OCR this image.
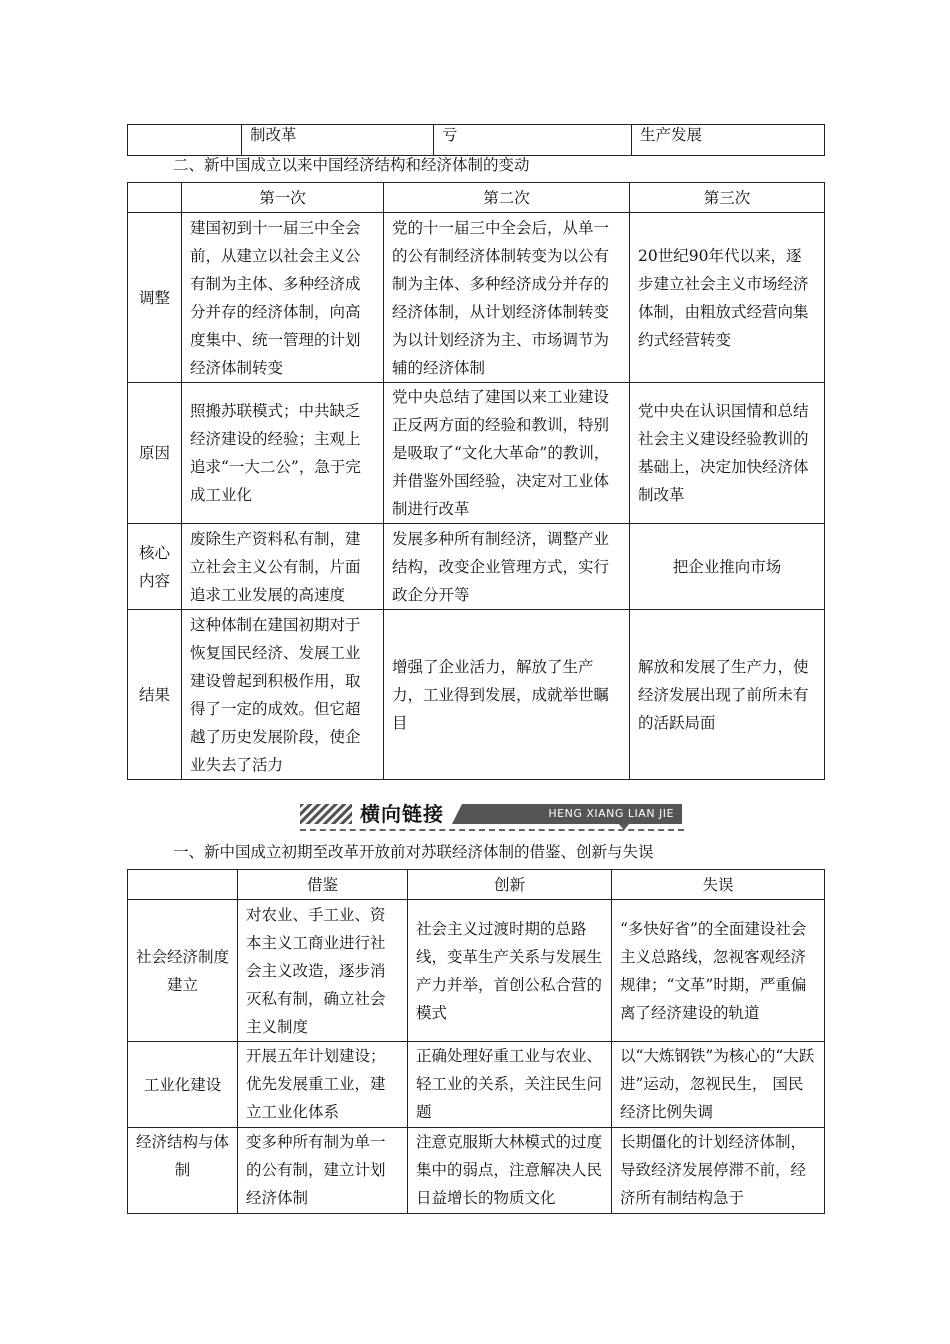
	制改革	亏	生产发展
二、新中国成立以来中国经济结构和经济体制的变动
	第一次	第二次	第三次
调整	建国初到十一届三中全会前，从建立以社会主义公有制为主体、多种经济成分并存的经济体制，向高度集中、统一管理的计划经济体制转变	党的十一届三中全会后，从单一的公有制经济体制转变为以公有制为主体、多种经济成分并存的经济体制，从计划经济体制转变为以计划经济为主、市场调节为辅的经济体制	20世纪90年代以来，逐步建立社会主义市场经济体制，由粗放式经营向集约式经营转变
原因	照搬苏联模式；中共缺乏经济建设的经验；主观上追求“一大二公”，急于完成工业化	党中央总结了建国以来工业建设正反两方面的经验和教训，特别是吸取了“文化大革命”的教训，并借鉴外国经验，决定对工业体制进行改革	党中央在认识国情和总结社会主义建设经验教训的基础上，决定加快经济体制改革
核心内容	废除生产资料私有制，建立社会主义公有制，片面追求工业发展的高速度	发展多种所有制经济，调整产业结构，改变企业管理方式，实行政企分开等	把企业推向市场
结果	这种体制在建国初期对于恢复国民经济、发展工业建设曾起到积极作用，取得了一定的成效。但它超越了历史发展阶段，使企业失去了活力	增强了企业活力，解放了生产力，工业得到发展，成就举世瞩目	解放和发展了生产力，使经济发展出现了前所未有的活跃局面
横向链接	HENG XIANG LIAN JIE
一、新中国成立初期至改革开放前对苏联经济体制的借鉴、创新与失误
	借鉴	创新	失误
社会经济制度建立	对农业、手工业、资本主义工商业进行社会主义改造，逐步消灭私有制，确立社会主义制度	社会主义过渡时期的总路线，变革生产关系与发展生产力并举，首创公私合营的模式	“多快好省”的全面建设社会主义总路线，忽视客观经济规律；“文革”时期，严重偏离了经济建设的轨道
工业化建设	开展五年计划建设；优先发展重工业，建立工业化体系	正确处理好重工业与农业、轻工业的关系，关注民生问题	以“大炼钢铁”为核心的“大跃进”运动，忽视民生， 国民经济比例失调
经济结构与体制	变多种所有制为单一的公有制，建立计划经济体制	注意克服斯大林模式的过度集中的弱点，注意解决人民日益增长的物质文化	长期僵化的计划经济体制，导致经济发展停滞不前，经济所有制结构急于
